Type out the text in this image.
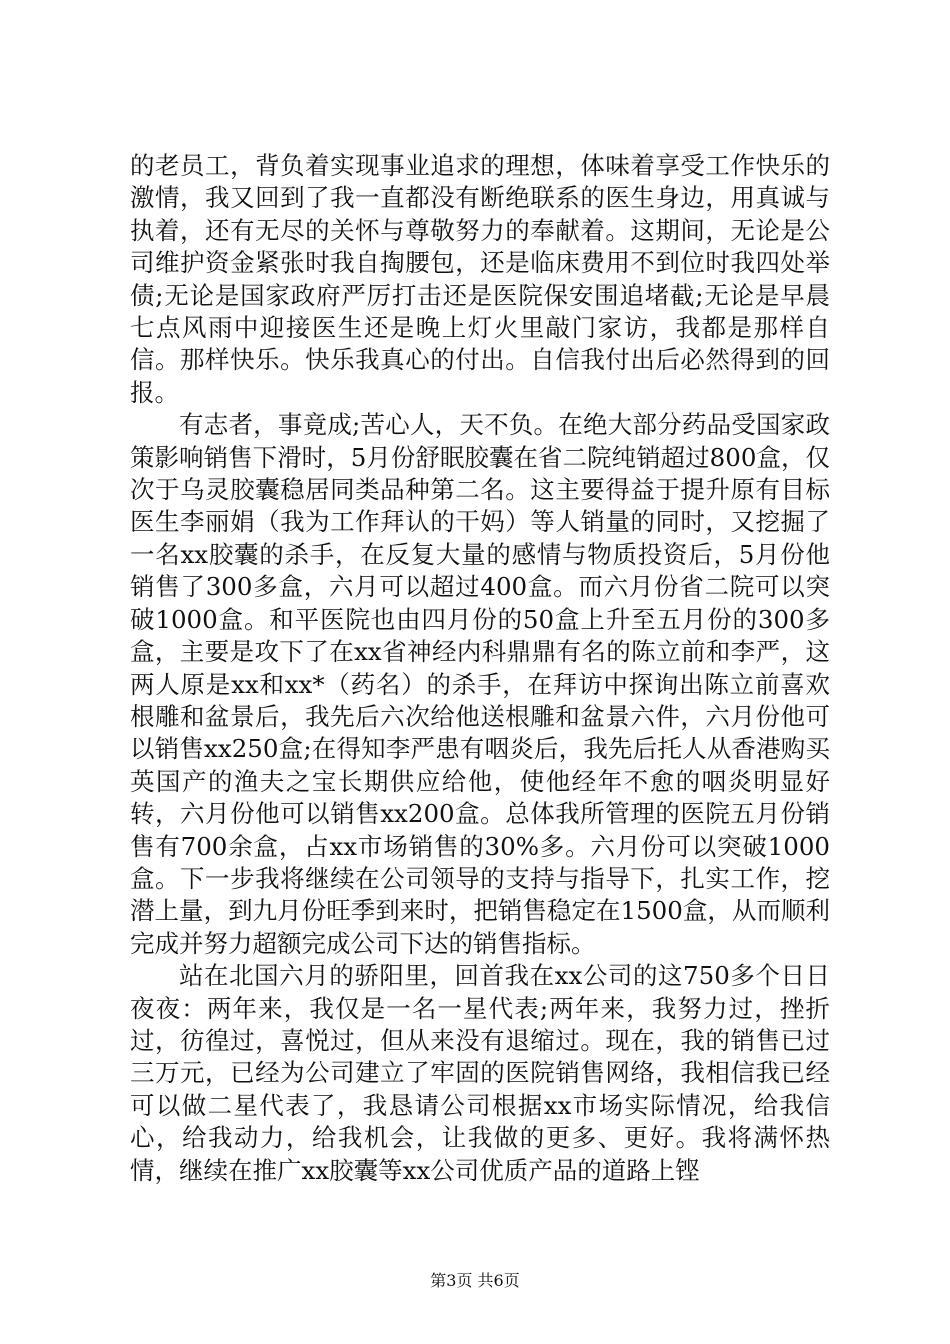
的老员工，背负着实现事业追求的理想，体味着享受工作快乐的激情，我又回到了我一直都没有断绝联系的医生身边，用真诚与执着，还有无尽的关怀与尊敬努力的奉献着。这期间，无论是公司维护资金紧张时我自掏腰包，还是临床费用不到位时我四处举债;无论是国家政府严厉打击还是医院保安围追堵截;无论是早晨七点风雨中迎接医生还是晚上灯火里敲门家访，我都是那样自信。那样快乐。快乐我真心的付出。自信我付出后必然得到的回报。

有志者，事竟成;苦心人，天不负。在绝大部分药品受国家政策影响销售下滑时，5月份舒眠胶囊在省二院纯销超过800盒，仅次于乌灵胶囊稳居同类品种第二名。这主要得益于提升原有目标医生李丽娟（我为工作拜认的干妈）等人销量的同时，又挖掘了一名xx胶囊的杀手，在反复大量的感情与物质投资后，5月份他销售了300多盒，六月可以超过400盒。而六月份省二院可以突破1000盒。和平医院也由四月份的50盒上升至五月份的300多盒，主要是攻下了在xx省神经内科鼎鼎有名的陈立前和李严，这两人原是xx和xx*（药名）的杀手，在拜访中探询出陈立前喜欢根雕和盆景后，我先后六次给他送根雕和盆景六件，六月份他可以销售xx250盒;在得知李严患有咽炎后，我先后托人从香港购买英国产的渔夫之宝长期供应给他，使他经年不愈的咽炎明显好转，六月份他可以销售xx200盒。总体我所管理的医院五月份销售有700余盒，占xx市场销售的30%多。六月份可以突破1000盒。下一步我将继续在公司领导的支持与指导下，扎实工作，挖潜上量，到九月份旺季到来时，把销售稳定在1500盒，从而顺利完成并努力超额完成公司下达的销售指标。

站在北国六月的骄阳里，回首我在xx公司的这750多个日日夜夜：两年来，我仅是一名一星代表;两年来，我努力过，挫折过，彷徨过，喜悦过，但从来没有退缩过。现在，我的销售已过三万元，已经为公司建立了牢固的医院销售网络，我相信我已经可以做二星代表了，我恳请公司根据xx市场实际情况，给我信心，给我动力，给我机会，让我做的更多、更好。我将满怀热情，继续在推广xx胶囊等xx公司优质产品的道路上铿

第3页 共6页
